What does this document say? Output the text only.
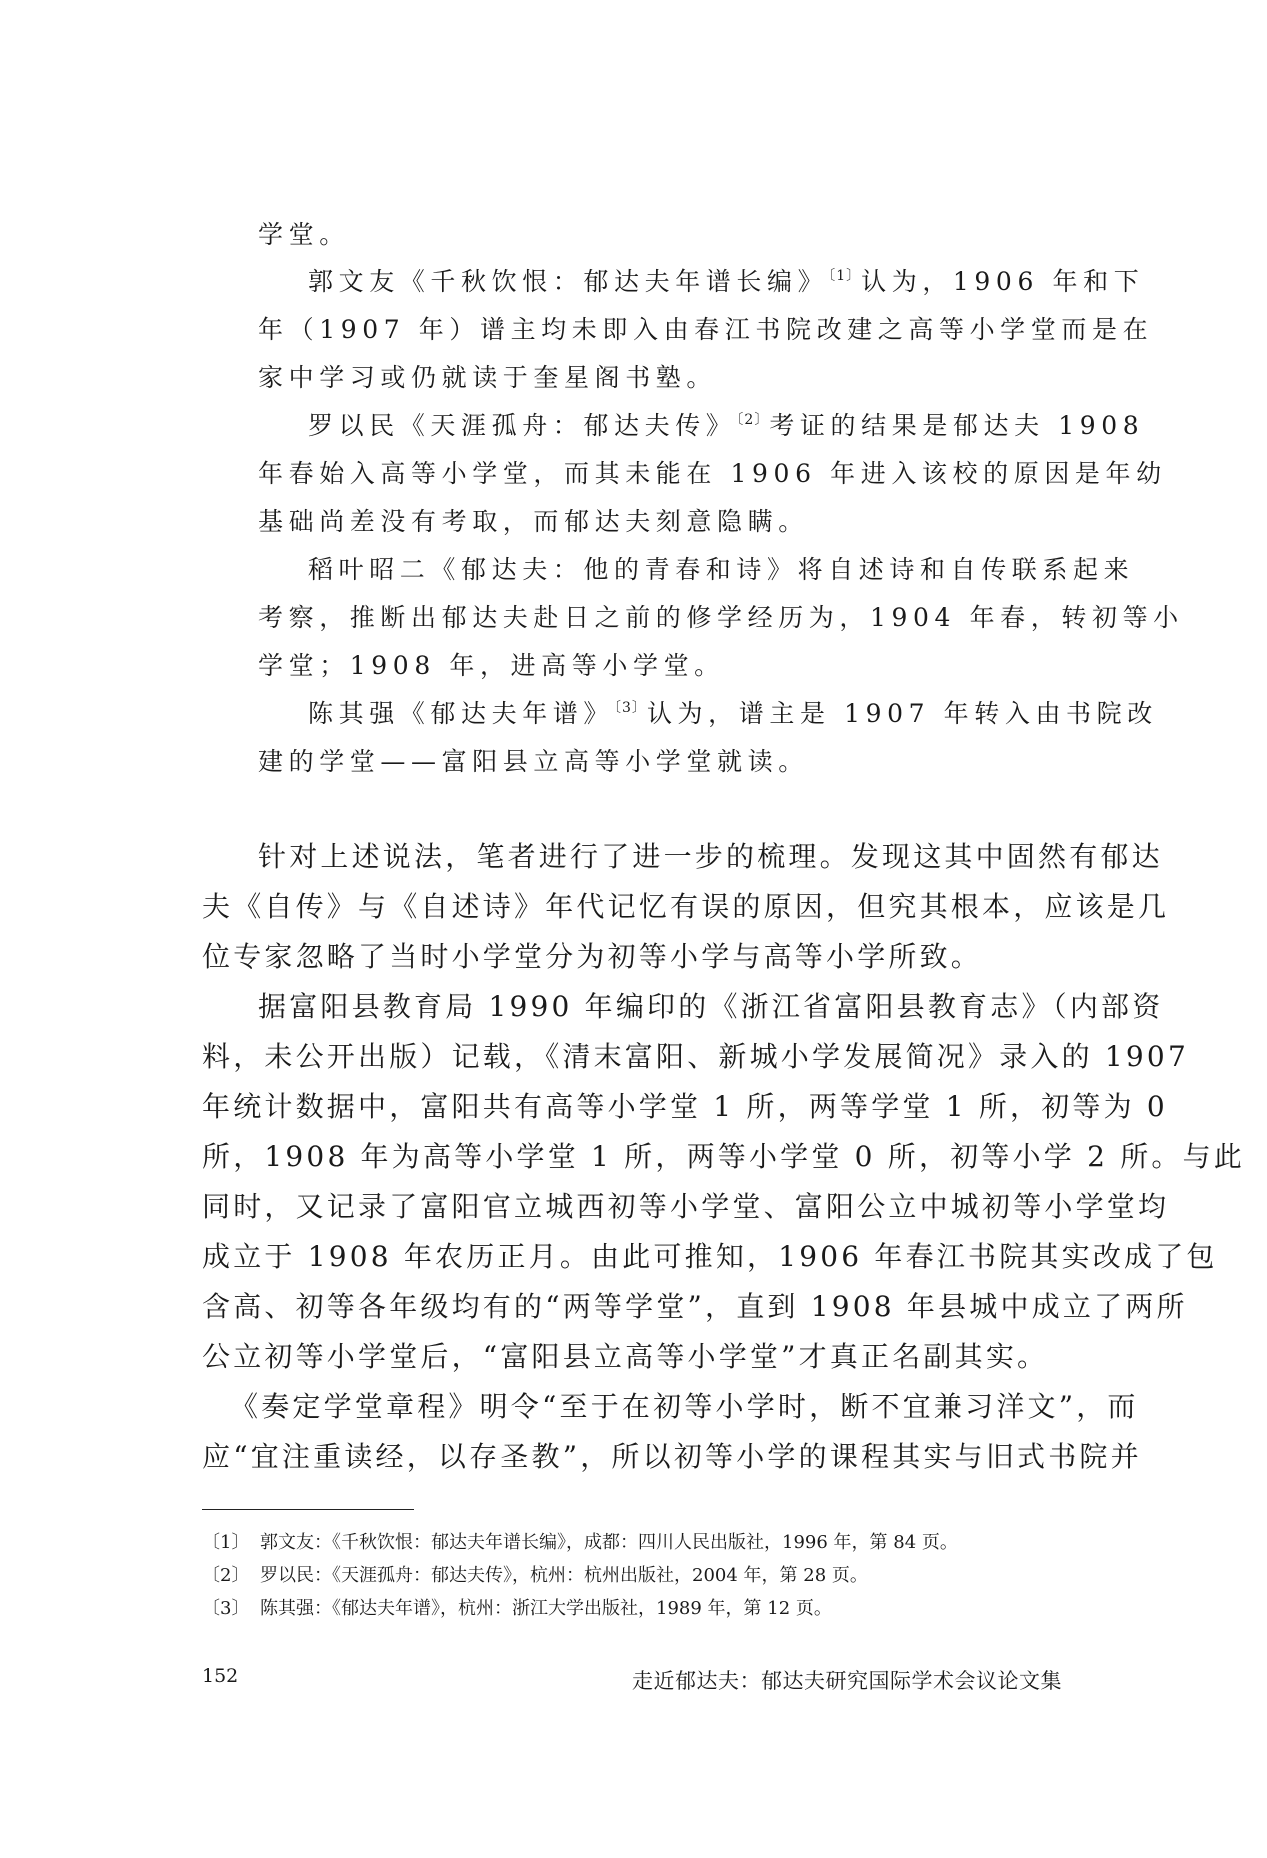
学堂。
郭文友《千秋饮恨：郁达夫年谱长编》$^{〔1〕}$认为，1906 年和下
年（1907 年）谱主均未即入由春江书院改建之高等小学堂而是在
家中学习或仍就读于奎星阁书塾。
罗以民《天涯孤舟：郁达夫传》$^{〔2〕}$考证的结果是郁达夫 1908
年春始入高等小学堂，而其未能在 1906 年进入该校的原因是年幼
基础尚差没有考取，而郁达夫刻意隐瞒。
稻叶昭二《郁达夫：他的青春和诗》将自述诗和自传联系起来
考察，推断出郁达夫赴日之前的修学经历为，1904 年春，转初等小
学堂；1908 年，进高等小学堂。
陈其强《郁达夫年谱》$^{〔3〕}$认为，谱主是 1907 年转入由书院改
建的学堂——富阳县立高等小学堂就读。
针对上述说法，笔者进行了进一步的梳理。发现这其中固然有郁达
夫《自传》与《自述诗》年代记忆有误的原因，但究其根本，应该是几
位专家忽略了当时小学堂分为初等小学与高等小学所致。
据富阳县教育局 1990 年编印的《浙江省富阳县教育志》（内部资
料，未公开出版）记载，《清末富阳、新城小学发展简况》录入的 1907
年统计数据中，富阳共有高等小学堂 1 所，两等学堂 1 所，初等为 0
所，1908 年为高等小学堂 1 所，两等小学堂 0 所，初等小学 2 所。与此
同时，又记录了富阳官立城西初等小学堂、富阳公立中城初等小学堂均
成立于 1908 年农历正月。由此可推知，1906 年春江书院其实改成了包
含高、初等各年级均有的“两等学堂”，直到 1908 年县城中成立了两所
公立初等小学堂后，“富阳县立高等小学堂”才真正名副其实。
《奏定学堂章程》明令“至于在初等小学时，断不宜兼习洋文”，而
应“宜注重读经，以存圣教”，所以初等小学的课程其实与旧式书院并
〔1〕 郭文友：《千秋饮恨：郁达夫年谱长编》，成都：四川人民出版社，1996 年，第 84 页。
〔2〕 罗以民：《天涯孤舟：郁达夫传》，杭州：杭州出版社，2004 年，第 28 页。
〔3〕 陈其强：《郁达夫年谱》，杭州：浙江大学出版社，1989 年，第 12 页。
152	走近郁达夫：郁达夫研究国际学术会议论文集
